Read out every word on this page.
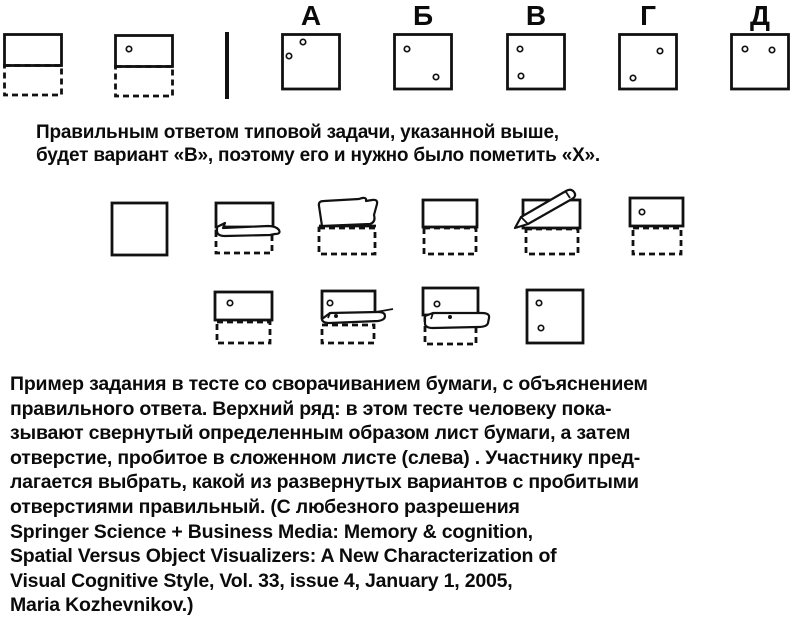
А	Б	В	Г	Д
Правильным ответом типовой задачи, указанной выше,
будет вариант «В», поэтому его и нужно было пометить «Х».
Пример задания в тесте со сворачиванием бумаги, с объяснением
правильного ответа. Верхний ряд: в этом тесте человеку пока-
зывают свернутый определенным образом лист бумаги, а затем
отверстие, пробитое в сложенном листе (слева) . Участнику пред-
лагается выбрать, какой из развернутых вариантов с пробитыми
отверстиями правильный. (С любезного разрешения
Springer Science + Business Media: Memory & cognition,
Spatial Versus Object Visualizers: A New Characterization of
Visual Cognitive Style, Vol. 33, issue 4, January 1, 2005,
Maria Kozhevnikov.)
